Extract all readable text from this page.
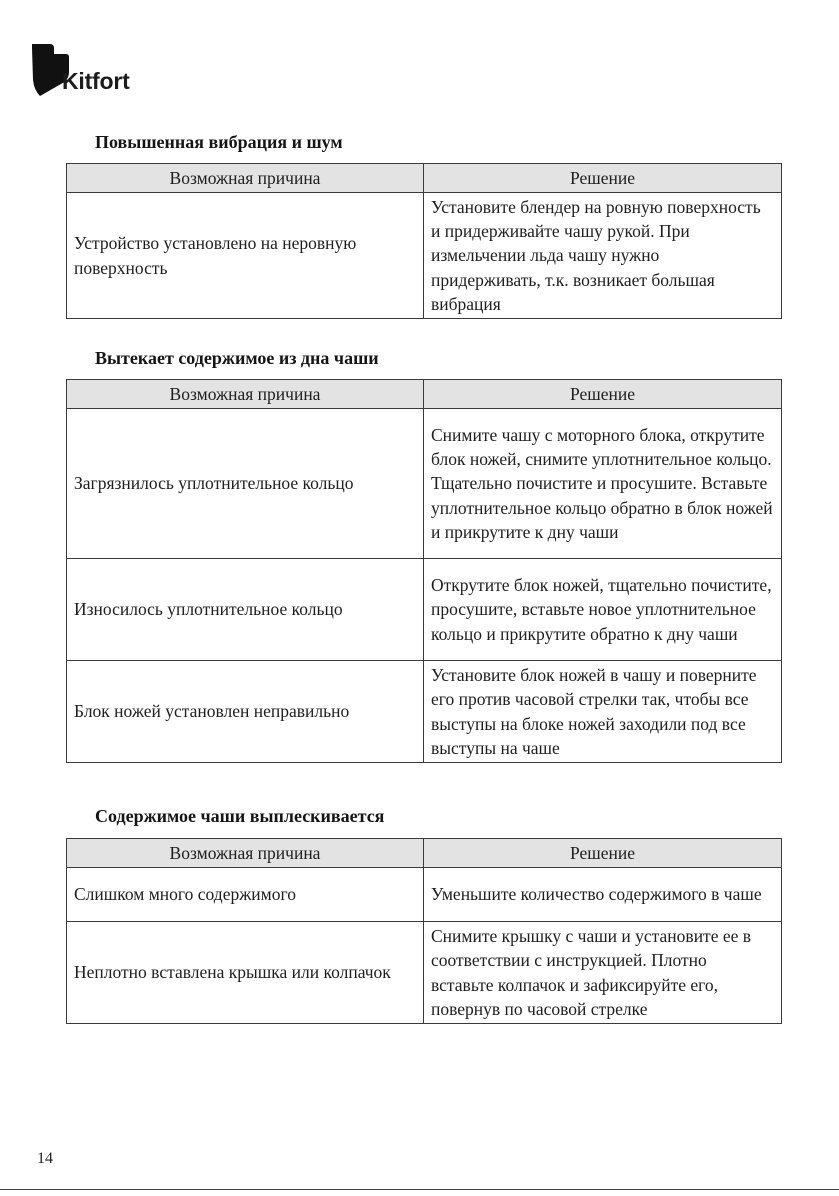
Kitfort
Повышенная вибрация и шум
Возможная причина	Решение
Устройство установлено на неровную поверхность	Установите блендер на ровную поверхность и придерживайте чашу рукой. При измельчении льда чашу нужно придерживать, т.к. возникает большая вибрация
Вытекает содержимое из дна чаши
Возможная причина	Решение
Загрязнилось уплотнительное кольцо	Снимите чашу с моторного блока, открутите блок ножей, снимите уплотнительное кольцо. Тщательно почистите и просушите. Вставьте уплотнительное кольцо обратно в блок ножей и прикрутите к дну чаши
Износилось уплотнительное кольцо	Открутите блок ножей, тщательно почистите, просушите, вставьте новое уплотнительное кольцо и прикрутите обратно к дну чаши
Блок ножей установлен неправильно	Установите блок ножей в чашу и поверните его против часовой стрелки так, чтобы все выступы на блоке ножей заходили под все выступы на чаше
Содержимое чаши выплескивается
Возможная причина	Решение
Слишком много содержимого	Уменьшите количество содержимого в чаше
Неплотно вставлена крышка или колпачок	Снимите крышку с чаши и установите ее в соответствии с инструкцией. Плотно вставьте колпачок и зафиксируйте его, повернув по часовой стрелке
14
